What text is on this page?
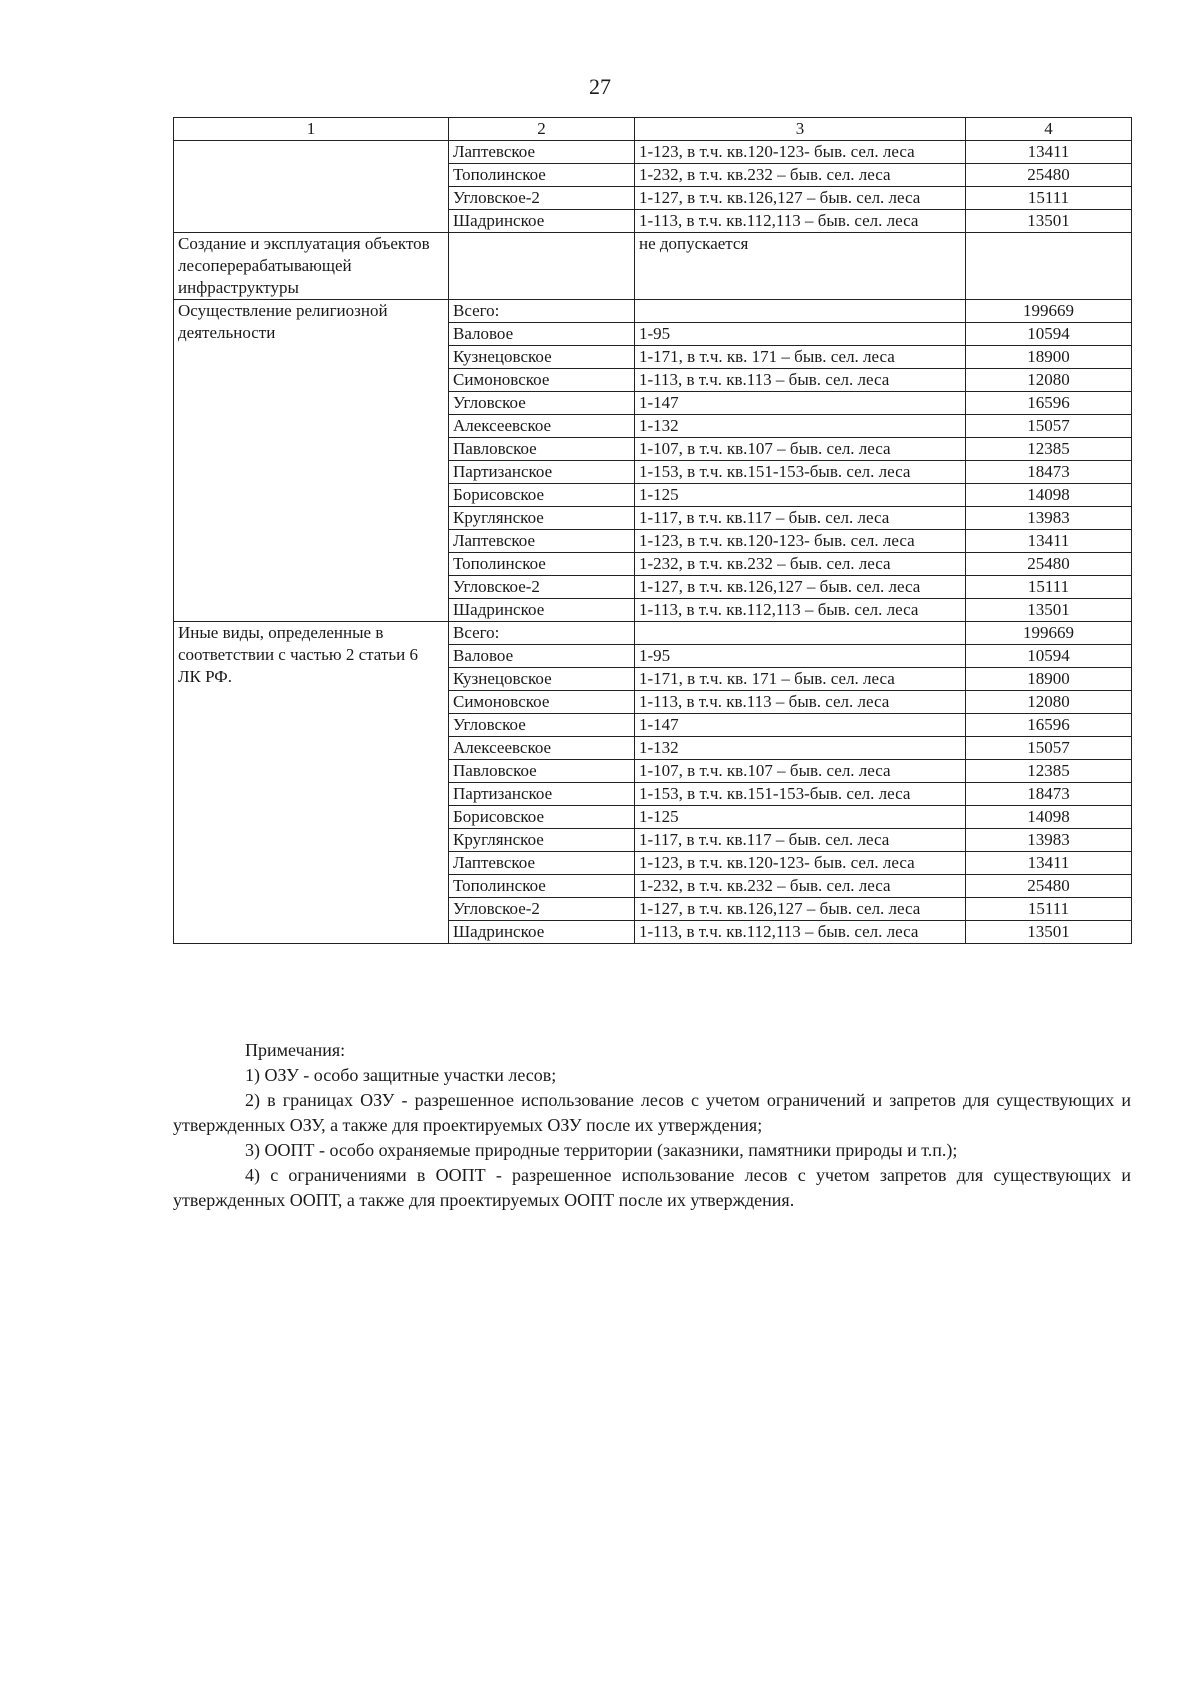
27
1	2	3	4
	Лаптевское	1-123, в т.ч. кв.120-123- быв. сел. леса	13411
	Тополинское	1-232, в т.ч. кв.232 – быв. сел. леса	25480
	Угловское-2	1-127, в т.ч. кв.126,127 – быв. сел. леса	15111
	Шадринское	1-113, в т.ч. кв.112,113 – быв. сел. леса	13501
Создание и эксплуатация объектов лесоперерабатывающей инфраструктуры		не допускается	
Осуществление религиозной деятельности	Всего:		199669
	Валовое	1-95	10594
	Кузнецовское	1-171, в т.ч. кв. 171 – быв. сел. леса	18900
	Симоновское	1-113, в т.ч. кв.113 – быв. сел. леса	12080
	Угловское	1-147	16596
	Алексеевское	1-132	15057
	Павловское	1-107, в т.ч. кв.107 – быв. сел. леса	12385
	Партизанское	1-153, в т.ч. кв.151-153-быв. сел. леса	18473
	Борисовское	1-125	14098
	Круглянское	1-117, в т.ч. кв.117 – быв. сел. леса	13983
	Лаптевское	1-123, в т.ч. кв.120-123- быв. сел. леса	13411
	Тополинское	1-232, в т.ч. кв.232 – быв. сел. леса	25480
	Угловское-2	1-127, в т.ч. кв.126,127 – быв. сел. леса	15111
	Шадринское	1-113, в т.ч. кв.112,113 – быв. сел. леса	13501
Иные виды, определенные в соответствии с частью 2 статьи 6 ЛК РФ.	Всего:		199669
	Валовое	1-95	10594
	Кузнецовское	1-171, в т.ч. кв. 171 – быв. сел. леса	18900
	Симоновское	1-113, в т.ч. кв.113 – быв. сел. леса	12080
	Угловское	1-147	16596
	Алексеевское	1-132	15057
	Павловское	1-107, в т.ч. кв.107 – быв. сел. леса	12385
	Партизанское	1-153, в т.ч. кв.151-153-быв. сел. леса	18473
	Борисовское	1-125	14098
	Круглянское	1-117, в т.ч. кв.117 – быв. сел. леса	13983
	Лаптевское	1-123, в т.ч. кв.120-123- быв. сел. леса	13411
	Тополинское	1-232, в т.ч. кв.232 – быв. сел. леса	25480
	Угловское-2	1-127, в т.ч. кв.126,127 – быв. сел. леса	15111
	Шадринское	1-113, в т.ч. кв.112,113 – быв. сел. леса	13501

Примечания:

1) ОЗУ - особо защитные участки лесов;

2) в границах ОЗУ - разрешенное использование лесов с учетом ограничений и запретов для существующих и утвержденных ОЗУ, а также для проектируемых ОЗУ после их утверждения;

3) ООПТ - особо охраняемые природные территории (заказники, памятники природы и т.п.);

4) с ограничениями в ООПТ - разрешенное использование лесов с учетом запретов для существующих и утвержденных ООПТ, а также для проектируемых ООПТ после их утверждения.
